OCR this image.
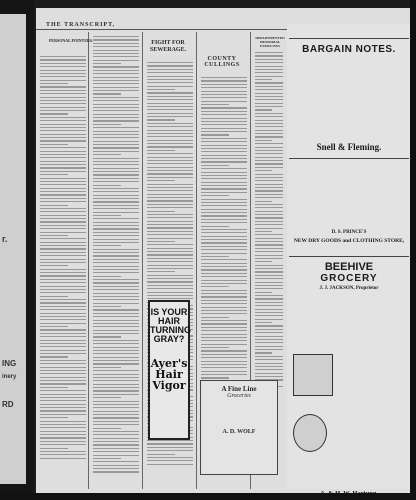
r.
ING
inery
RD
THE TRANSCRIPT,
PERSONAL POINTERS.	FIGHT FOR SEWERAGE.
COUNTY CULLINGS
DEPARTMENTED MEMORIAL EXERCISES
IS YOUR HAIR TURNING GRAY?
Ayer's Hair Vigor	A Fine Line
Groceries
A. D. WOLF
BARGAIN NOTES.
Snell & Fleming.
D. S. PRINCE'S
NEW DRY GOODS and CLOTHING STORE,
BEEHIVE
GROCERY
J. J. JACKSON, Proprietor
